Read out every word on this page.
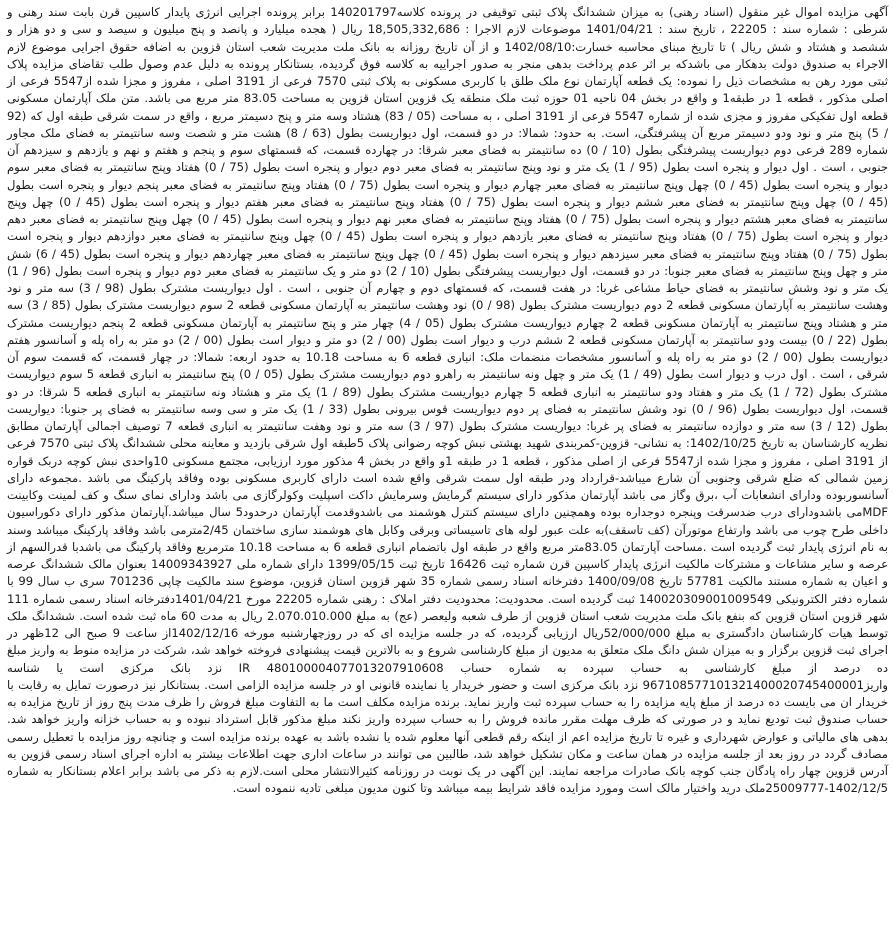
آگهی مزایده اموال غیر منقول (اسناد رهنی) به میزان ششدانگ پلاک ثبتی توقیفی در پرونده کلاسه140201797 برابر پرونده اجرایی انرژی پایدار کاسپین قرن بابت سند رهنی و شرطی : شماره سند : 22205 ، تاریخ سند : 1401/04/21 موضوعات لازم الاجرا : 18,505,332,686 ریال ( هجده میلیارد و پانصد و پنج میلیون و سیصد و سی و دو هزار و ششصد و هشتاد و شش ریال ) تا تاریخ مبنای محاسبه خسارت:1402/08/10 و از آن تاریخ روزانه به بانک ملت مدیریت شعب استان قزوین به اضافه حقوق اجرایی موضوع لازم الاجراء به صندوق دولت بدهکار می باشدکه بر اثر عدم پرداخت بدهی منجر به صدور اجراییه به کلاسه فوق گردیده، بستانکار پرونده به دلیل عدم وصول طلب تقاضای مزایده پلاک ثبتی مورد رهن به مشخصات ذیل را نموده: یک قطعه آپارتمان نوع ملک طلق با کاربری مسکونی به پلاک ثبتی 7570 فرعی از 3191 اصلی ، مفروز و مجزا شده از5547 فرعی از اصلی مذکور ، قطعه 1 در طبقه1 و واقع در بخش 04 ناحیه 01 حوزه ثبت ملک منطقه یک قزوین استان قزوین به مساحت 83.05 متر مربع می باشد. متن ملک آپارتمان مسکونی قطعه اول تفکیکی مفروز و مجزی شده از شماره 5547 فرعی از 3191 اصلی ، به مساحت (05 / 83) هشتاد وسه متر و پنج دسیمتر مربع ، واقع در سمت شرقی طبقه اول که (92 / 5) پنج متر و نود ودو دسیمتر مربع آن پیشرفتگی، است. به حدود: شمالا: در دو قسمت، اول دیواریست بطول (63 / 8) هشت متر و شصت وسه سانتیمتر به فضای ملک مجاور شماره 289 فرعی دوم دیواریست پیشرفتگی بطول (10 / 0) ده سانتیمتر به فضای معبر شرقا: در چهارده قسمت، که قسمتهای سوم و پنجم و هفتم و نهم و یازدهم و سیزدهم آن جنوبی ، است . اول دیوار و پنجره است بطول (95 / 1) یک متر و نود وپنج سانتیمتر به فضای معبر دوم دیوار و پنجره است بطول (75 / 0) هفتاد وپنج سانتیمتر به فضای معبر سوم دیوار و پنجره است بطول (45 / 0) چهل وپنج سانتیمتر به فضای معبر چهارم دیوار و پنجره است بطول (75 / 0) هفتاد وپنج سانتیمتر به فضای معبر پنجم دیوار و پنجره است بطول (45 / 0) چهل وپنج سانتیمتر به فضای معبر ششم دیوار و پنجره است بطول (75 / 0) هفتاد وپنج سانتیمتر به فضای معبر هفتم دیوار و پنجره است بطول (45 / 0) چهل وپنج سانتیمتر به فضای معبر هشتم دیوار و پنجره است بطول (75 / 0) هفتاد وپنج سانتیمتر به فضای معبر نهم دیوار و پنجره است بطول (45 / 0) چهل وپنج سانتیمتر به فضای معبر دهم دیوار و پنجره است بطول (75 / 0) هفتاد وپنج سانتیمتر به فضای معبر یازدهم دیوار و پنجره است بطول (45 / 0) چهل وپنج سانتیمتر به فضای معبر دوازدهم دیوار و پنجره است بطول (75 / 0) هفتاد وپنج سانتیمتر به فضای معبر سیزدهم دیوار و پنجره است بطول (45 / 0) چهل وپنج سانتیمتر به فضای معبر چهاردهم دیوار و پنجره است بطول (45 / 6) شش متر و چهل وپنج سانتیمتر به فضای معبر جنوبا: در دو قسمت، اول دیواریست پیشرفتگی بطول (10 / 2) دو متر و یک سانتیمتر به فضای معبر دوم دیوار و پنجره است بطول (96 / 1) یک متر و نود وشش سانتیمتر به فضای حیاط مشاعی غربا: در هفت قسمت، که قسمتهای دوم و چهارم آن جنوبی ، است . اول دیواریست مشترک بطول (98 / 3) سه متر و نود وهشت سانتیمتر به آپارتمان مسکونی قطعه 2 دوم دیواریست مشترک بطول (98 / 0) نود وهشت سانتیمتر به آپارتمان مسکونی قطعه 2 سوم دیواریست مشترک بطول (85 / 3) سه متر و هشتاد وپنج سانتیمتر به آپارتمان مسکونی قطعه 2 چهارم دیواریست مشترک بطول (05 / 4) چهار متر و پنج سانتیمتر به آپارتمان مسکونی قطعه 2 پنجم دیواریست مشترک بطول (22 / 0) بیست ودو سانتیمتر به آپارتمان مسکونی قطعه 2 ششم درب و دیوار است بطول (00 / 2) دو متر و دیوار است بطول (00 / 2) دو متر به راه پله و آسانسور هفتم دیواریست بطول (00 / 2) دو متر به راه پله و آسانسور مشخصات منضمات ملک: انباری قطعه 6 به مساحت 10.18 به حدود اربعه: شمالا: در چهار قسمت، که قسمت سوم آن شرقی ، است . اول درب و دیوار است بطول (49 / 1) یک متر و چهل ونه سانتیمتر به راهرو دوم دیواریست مشترک بطول (05 / 0) پنج سانتیمتر به انباری قطعه 5 سوم دیواریست مشترک بطول (72 / 1) یک متر و هفتاد ودو سانتیمتر به انباری قطعه 5 چهارم دیواریست مشترک بطول (89 / 1) یک متر و هشتاد ونه سانتیمتر به انباری قطعه 5 شرقا: در دو قسمت، اول دیواریست بطول (96 / 0) نود وشش سانتیمتر به فضای پر دوم دیواریست قوس بیرونی بطول (33 / 1) یک متر و سی وسه سانتیمتر به فضای پر جنوبا: دیواریست بطول (12 / 3) سه متر و دوازده سانتیمتر به فضای پر غربا: دیواریست مشترک بطول (97 / 3) سه متر و نود وهفت سانتیمتر به انباری قطعه 7 توصیف اجمالی آپارتمان مطابق نظریه کارشناسان به تاریخ 1402/10/25: به نشانی- قزوین-کمربندی شهید بهشتی نبش کوچه رضوانی پلاک 5طبقه اول شرقی بازدید و معاینه محلی ششدانگ پلاک ثبتی 7570 فرعی از 3191 اصلی ، مفروز و مجزا شده از5547 فرعی از اصلی مذکور ، قطعه 1 در طبقه 1و واقع در بخش 4 مذکور مورد ارزیابی، مجتمع مسکونی 10واحدی نبش کوچه دربک قواره زمین شمالی که ضلع شرقی وجنوبی آن شارع میباشد-قرارداد ودر طبقه اول سمت شرقی واقع شده است دارای کاربری مسکونی بوده وفاقد پارکینگ می باشد .مجموعه دارای آسانسوربوده ودارای انشعابات آب ،برق وگاز می باشد آپارتمان مذکور دارای سیستم گرمایش وسرمایش داکت اسپلیت وکولرگازی می باشد ودارای نمای سنگ و کف لمینت وکابینت MDFمی باشدودارای درب ضدسرقت وپنجره دوجداره بوده وهمچنین دارای سیستم کنترل هوشمند می باشدوقدمت آپارتمان درحدود5 سال میباشد.آپارتمان مذکور دارای دکوراسیون داخلی طرح چوب می باشد وارتفاع موتورآن (کف تاسقف)به علت عبور لوله های تاسیساتی وبرقی وکابل های هوشمند سازی ساختمان 2/45مترمی باشد وفاقد پارکینگ میباشد وسند به نام انرژی پایدار ثبت گردیده است .مساحت آپارتمان 83.05متر مربع واقع در طبقه اول باتضمام انباری قطعه 6 به مساحت 10.18 مترمربع وفاقد پارکینگ می باشدبا قدرالسهم از عرصه و سایر مشاعات و مشترکات مالکیت انرژی پایدار کاسپین قرن شماره ثبت 16426 تاریخ ثبت 1399/05/15 دارای شماره ملی 14009343927 بعنوان مالک ششدانگ عرصه و اعیان به شماره مستند مالکیت 57781 تاریخ 1400/09/08 دفترخانه اسناد رسمی شماره 35 شهر قزوین استان قزوین، موضوع سند مالکیت چاپی 701236 سری ب سال 99 با شماره دفتر الکترونیکی 140020309001009549 ثبت گردیده است. محدودیت: محدودیت دفتر املاک : رهنی شماره 22205 مورخ 1401/04/21دفترخانه اسناد رسمی شماره 111 شهر قزوین استان قزوین که بنفع بانک ملت مدیریت شعب استان قزوین از طرف شعبه ولیعصر (عج) به مبلغ 2.070.010.000 ریال به مدت 60 ماه ثبت شده است. ششدانگ ملک توسط هیات کارشناسان دادگستری به مبلغ 52/000/000ریال ارزیابی گردیده، که در جلسه مزایده ای که در روزچهارشنبه مورخه 1402/12/16از ساعت 9 صبح الی 12ظهر در اجرای ثبت قزوین برگزار و به میزان شش دانگ ملک متعلق به مدیون از مبلغ کارشناسی شروع و به بالاترین قیمت پیشنهادی فروخته خواهد شد، شرکت در مزایده منوط به واریز مبلغ ده درصد از مبلغ کارشناسی به حساب سپرده به شماره حساب IR 480100004077013207910608 نزد بانک مرکزی است یا شناسه واریز967108577101321400020745400001 نزد بانک مرکزی است و حضور خریدار یا نماینده قانونی او در جلسه مزایده الزامی است. بستانکار نیز درصورت تمایل به رقابت با خریدار ان می بایست ده درصد از مبلغ پایه مزایده را به حساب سپرده ثبت واریز نماید. برنده مزایده مکلف است ما به التفاوت مبلغ فروش را ظرف مدت پنج روز از تاریخ مزایده به حساب صندوق ثبت تودیع نماید و در صورتی که ظرف مهلت مقرر مانده فروش را به حساب سپرده واریز نکند مبلغ مذکور قابل استرداد نبوده و به حساب خزانه واریز خواهد شد. بدهی های مالیاتی و عوارض شهرداری و غیره تا تاریخ مزایده اعم از اینکه رقم قطعی آنها معلوم شده یا نشده باشد به عهده برنده مزایده است و چنانچه روز مزایده با تعطیل رسمی مصادف گردد در روز بعد از جلسه مزایده در همان ساعت و مکان تشکیل خواهد شد، طالبین می توانند در ساعات اداری جهت اطلاعات بیشتر به اداره اجرای اسناد رسمی قزوین به آدرس قزوین چهار راه پادگان جنب کوچه بانک صادرات مراجعه نمایند. این آگهی در یک نوبت در روزنامه کثیرالانتشار محلی است.لازم به ذکر می باشد برابر اعلام بستانکار به شماره 1402/12/5-25009777ملک درید واختیار مالک است ومورد مزایده فاقد شرایط بیمه میباشد وتا کنون مدیون مبلغی تادیه ننموده است.
